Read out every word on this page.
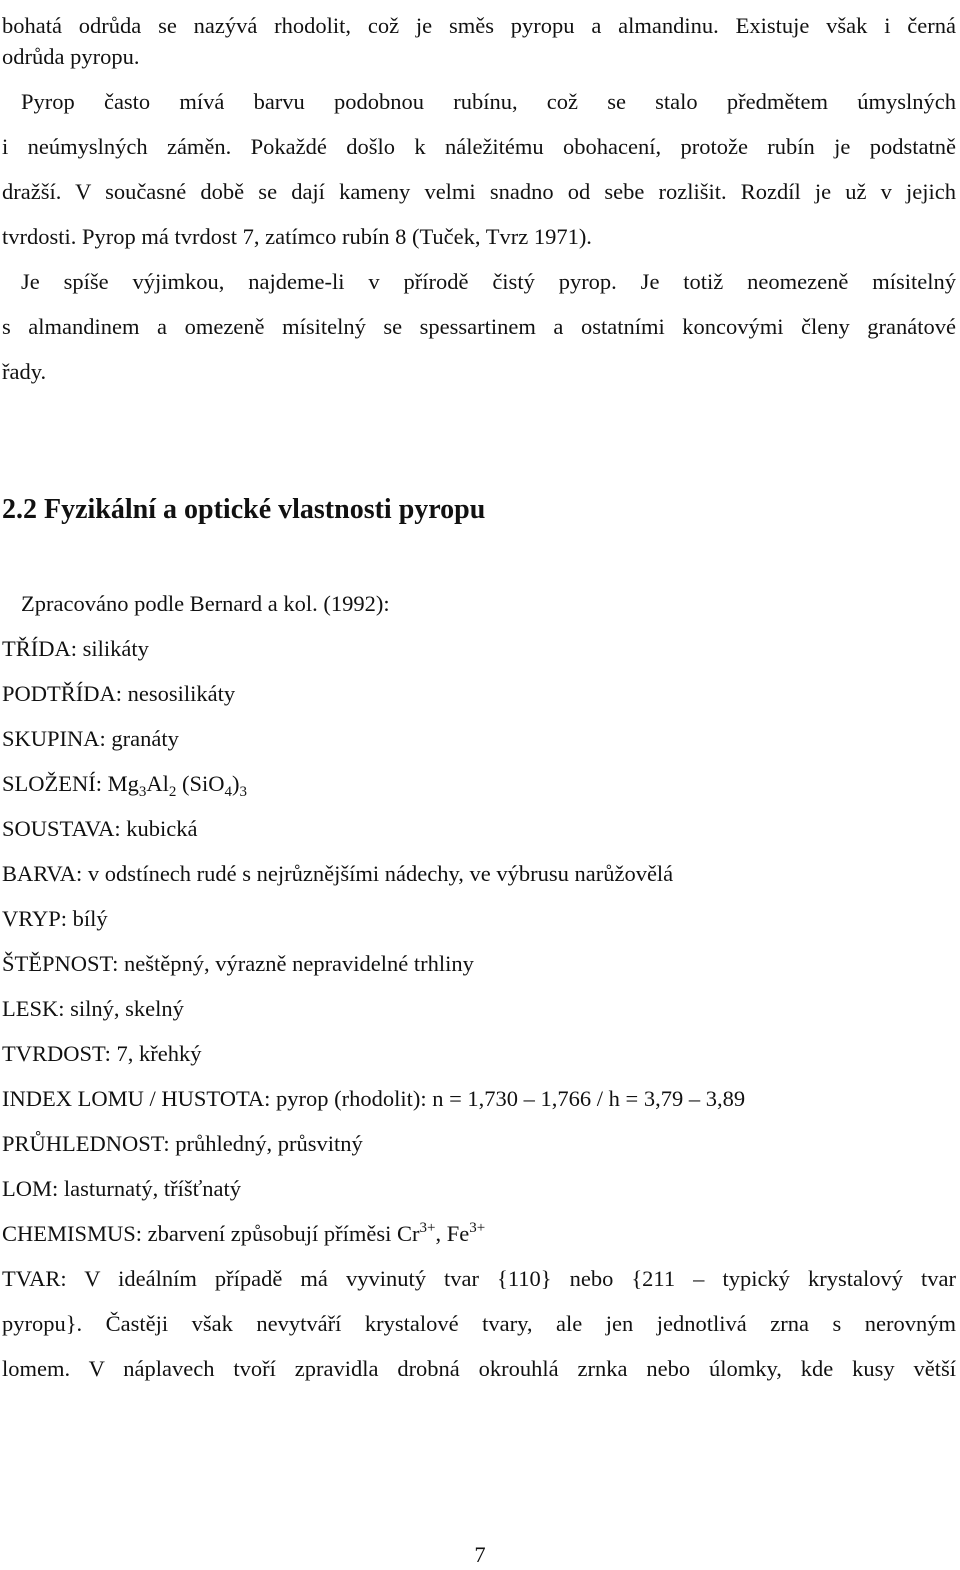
bohatá odrůda se nazývá rhodolit, což je směs pyropu a almandinu. Existuje však i černá
odrůda pyropu.
Pyrop často mívá barvu podobnou rubínu, což se stalo předmětem úmyslných
i neúmyslných záměn. Pokaždé došlo k náležitému obohacení, protože rubín je podstatně
dražší. V současné době se dají kameny velmi snadno od sebe rozlišit. Rozdíl je už v jejich
tvrdosti. Pyrop má tvrdost 7, zatímco rubín 8 (Tuček, Tvrz 1971).
Je spíše výjimkou, najdeme-li v přírodě čistý pyrop. Je totiž neomezeně mísitelný
s almandinem a omezeně mísitelný se spessartinem a ostatními koncovými členy granátové
řady.
2.2 Fyzikální a optické vlastnosti pyropu
Zpracováno podle Bernard a kol. (1992):
TŘÍDA: silikáty
PODTŘÍDA: nesosilikáty
SKUPINA: granáty
SLOŽENÍ: $Mg_3Al_2$ $(SiO_4)_3$
SOUSTAVA: kubická
BARVA: v odstínech rudé s nejrůznějšími nádechy, ve výbrusu narůžovělá
VRYP: bílý
ŠTĚPNOST: neštěpný, výrazně nepravidelné trhliny
LESK: silný, skelný
TVRDOST: 7, křehký
INDEX LOMU / HUSTOTA: pyrop (rhodolit): n = 1,730 – 1,766 / h = 3,79 – 3,89
PRŮHLEDNOST: průhledný, průsvitný
LOM: lasturnatý, tříšťnatý
CHEMISMUS: zbarvení způsobují příměsi $Cr^{3+}$, $Fe^{3+}$
TVAR: V ideálním případě má vyvinutý tvar {110} nebo {211 – typický krystalový tvar
pyropu}. Častěji však nevytváří krystalové tvary, ale jen jednotlivá zrna s nerovným
lomem. V náplavech tvoří zpravidla drobná okrouhlá zrnka nebo úlomky, kde kusy větší
7
